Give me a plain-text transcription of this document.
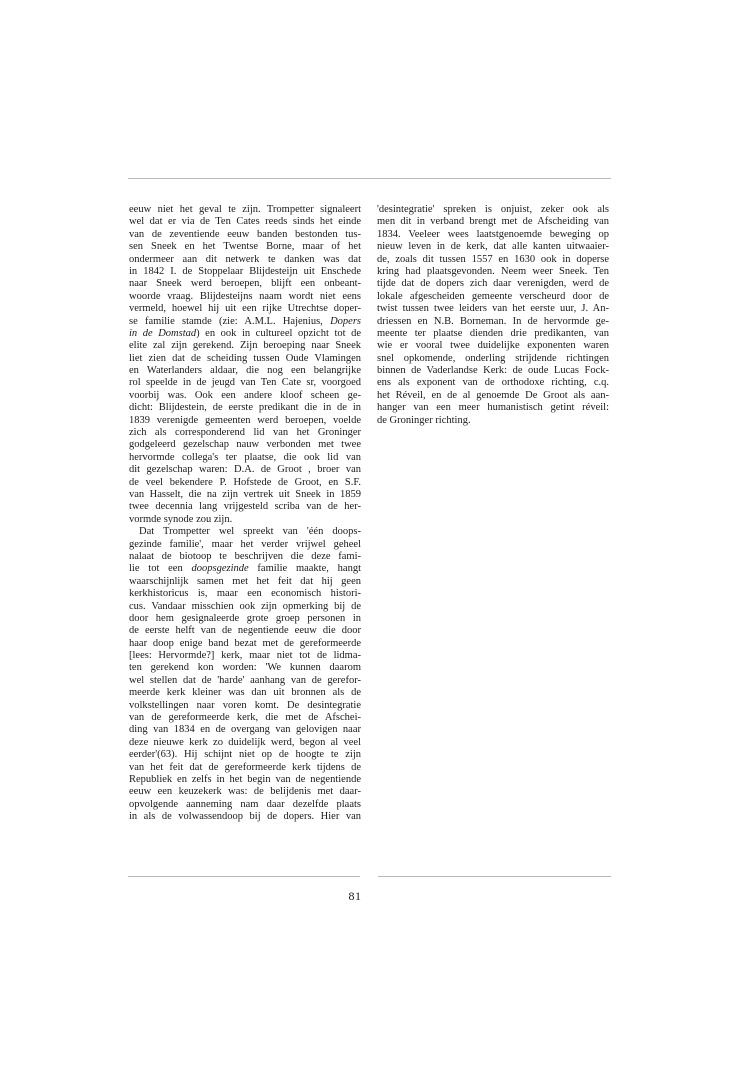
eeuw niet het geval te zijn. Trompetter signaleert
wel dat er via de Ten Cates reeds sinds het einde
van de zeventiende eeuw banden bestonden tus-
sen Sneek en het Twentse Borne, maar of het
ondermeer aan dit netwerk te danken was dat
in 1842 I. de Stoppelaar Blijdesteijn uit Enschede
naar Sneek werd beroepen, blijft een onbeant-
woorde vraag. Blijdesteijns naam wordt niet eens
vermeld, hoewel hij uit een rijke Utrechtse doper-
se familie stamde (zie: A.M.L. Hajenius, Dopers
in de Domstad) en ook in cultureel opzicht tot de
elite zal zijn gerekend. Zijn beroeping naar Sneek
liet zien dat de scheiding tussen Oude Vlamingen
en Waterlanders aldaar, die nog een belangrijke
rol speelde in de jeugd van Ten Cate sr, voorgoed
voorbij was. Ook een andere kloof scheen ge-
dicht: Blijdestein, de eerste predikant die in de in
1839 verenigde gemeenten werd beroepen, voelde
zich als corresponderend lid van het Groninger
godgeleerd gezelschap nauw verbonden met twee
hervormde collega's ter plaatse, die ook lid van
dit gezelschap waren: D.A. de Groot , broer van
de veel bekendere P. Hofstede de Groot, en S.F.
van Hasselt, die na zijn vertrek uit Sneek in 1859
twee decennia lang vrijgesteld scriba van de her-
vormde synode zou zijn.
Dat Trompetter wel spreekt van 'één doops-
gezinde familie', maar het verder vrijwel geheel
nalaat de biotoop te beschrijven die deze fami-
lie tot een doopsgezinde familie maakte, hangt
waarschijnlijk samen met het feit dat hij geen
kerkhistoricus is, maar een economisch histori-
cus. Vandaar misschien ook zijn opmerking bij de
door hem gesignaleerde grote groep personen in
de eerste helft van de negentiende eeuw die door
haar doop enige band bezat met de gereformeerde
[lees: Hervormde?] kerk, maar niet tot de lidma-
ten gerekend kon worden: 'We kunnen daarom
wel stellen dat de 'harde' aanhang van de gerefor-
meerde kerk kleiner was dan uit bronnen als de
volkstellingen naar voren komt. De desintegratie
van de gereformeerde kerk, die met de Afschei-
ding van 1834 en de overgang van gelovigen naar
deze nieuwe kerk zo duidelijk werd, begon al veel
eerder'(63). Hij schijnt niet op de hoogte te zijn
van het feit dat de gereformeerde kerk tijdens de
Republiek en zelfs in het begin van de negentiende
eeuw een keuzekerk was: de belijdenis met daar-
opvolgende aanneming nam daar dezelfde plaats
in als de volwassendoop bij de dopers. Hier van
'desintegratie' spreken is onjuist, zeker ook als
men dit in verband brengt met de Afscheiding van
1834. Veeleer wees laatstgenoemde beweging op
nieuw leven in de kerk, dat alle kanten uitwaaier-
de, zoals dit tussen 1557 en 1630 ook in doperse
kring had plaatsgevonden. Neem weer Sneek. Ten
tijde dat de dopers zich daar verenigden, werd de
lokale afgescheiden gemeente verscheurd door de
twist tussen twee leiders van het eerste uur, J. An-
driessen en N.B. Borneman. In de hervormde ge-
meente ter plaatse dienden drie predikanten, van
wie er vooral twee duidelijke exponenten waren
snel opkomende, onderling strijdende richtingen
binnen de Vaderlandse Kerk: de oude Lucas Fock-
ens als exponent van de orthodoxe richting, c.q.
het Réveil, en de al genoemde De Groot als aan-
hanger van een meer humanistisch getint réveil:
de Groninger richting.
81
